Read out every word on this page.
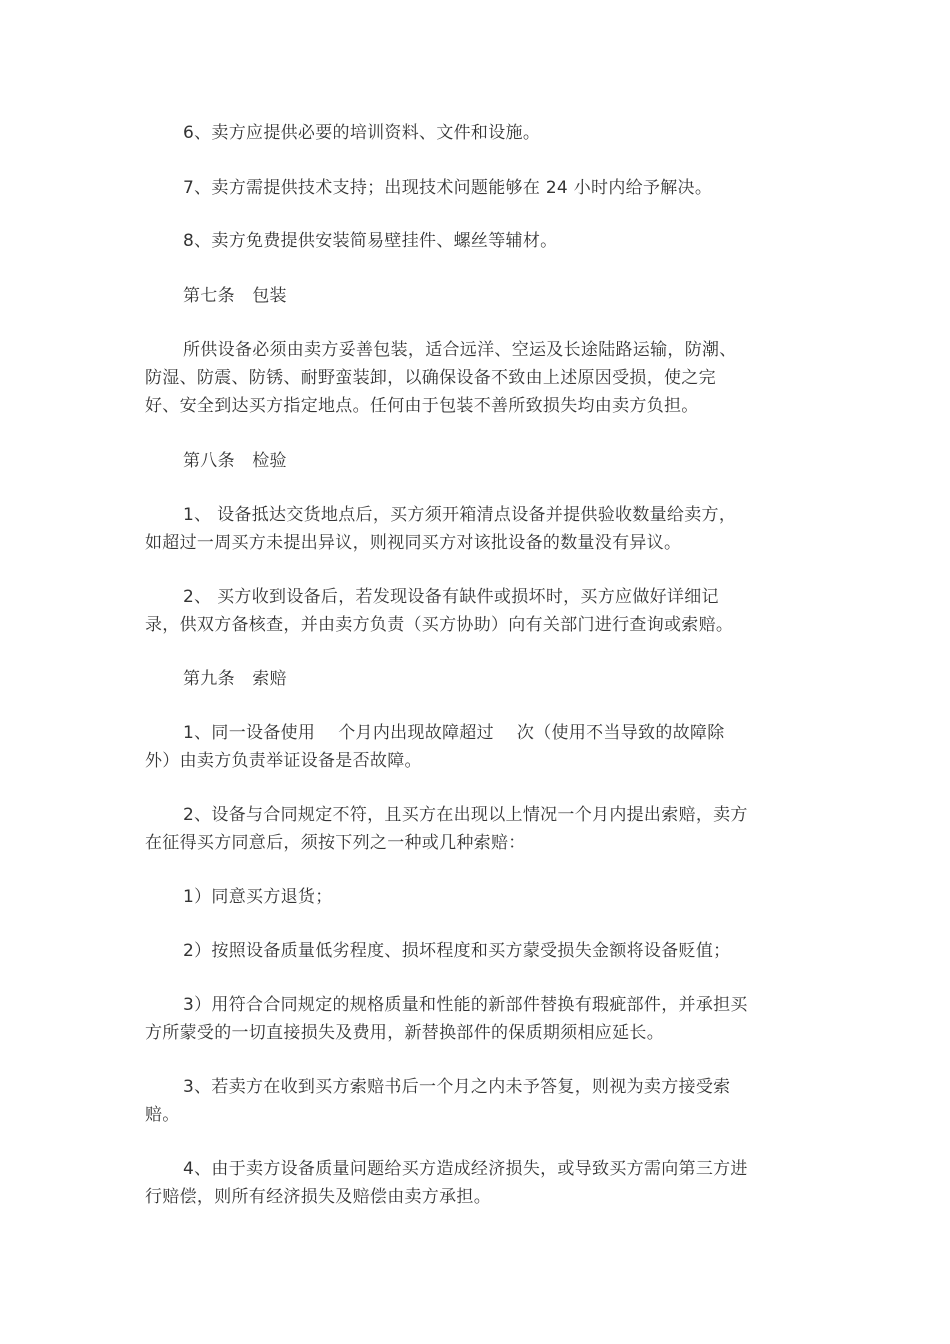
6、卖方应提供必要的培训资料、文件和设施。
7、卖方需提供技术支持；出现技术问题能够在 24 小时内给予解决。
8、卖方免费提供安装简易壁挂件、螺丝等辅材。
第七条　包装
所供设备必须由卖方妥善包装，适合远洋、空运及长途陆路运输，防潮、
防湿、防震、防锈、耐野蛮装卸，以确保设备不致由上述原因受损，使之完
好、安全到达买方指定地点。任何由于包装不善所致损失均由卖方负担。
第八条　检验
1、 设备抵达交货地点后，买方须开箱清点设备并提供验收数量给卖方，
如超过一周买方未提出异议，则视同买方对该批设备的数量没有异议。
2、 买方收到设备后，若发现设备有缺件或损坏时，买方应做好详细记
录，供双方备核查，并由卖方负责（买方协助）向有关部门进行查询或索赔。
第九条　索赔
1、同一设备使用　 个月内出现故障超过　 次（使用不当导致的故障除
外）由卖方负责举证设备是否故障。
2、设备与合同规定不符，且买方在出现以上情况一个月内提出索赔，卖方
在征得买方同意后，须按下列之一种或几种索赔：
1）同意买方退货；
2）按照设备质量低劣程度、损坏程度和买方蒙受损失金额将设备贬值；
3）用符合合同规定的规格质量和性能的新部件替换有瑕疵部件，并承担买
方所蒙受的一切直接损失及费用，新替换部件的保质期须相应延长。
3、若卖方在收到买方索赔书后一个月之内未予答复，则视为卖方接受索
赔。
4、由于卖方设备质量问题给买方造成经济损失，或导致买方需向第三方进
行赔偿，则所有经济损失及赔偿由卖方承担。
